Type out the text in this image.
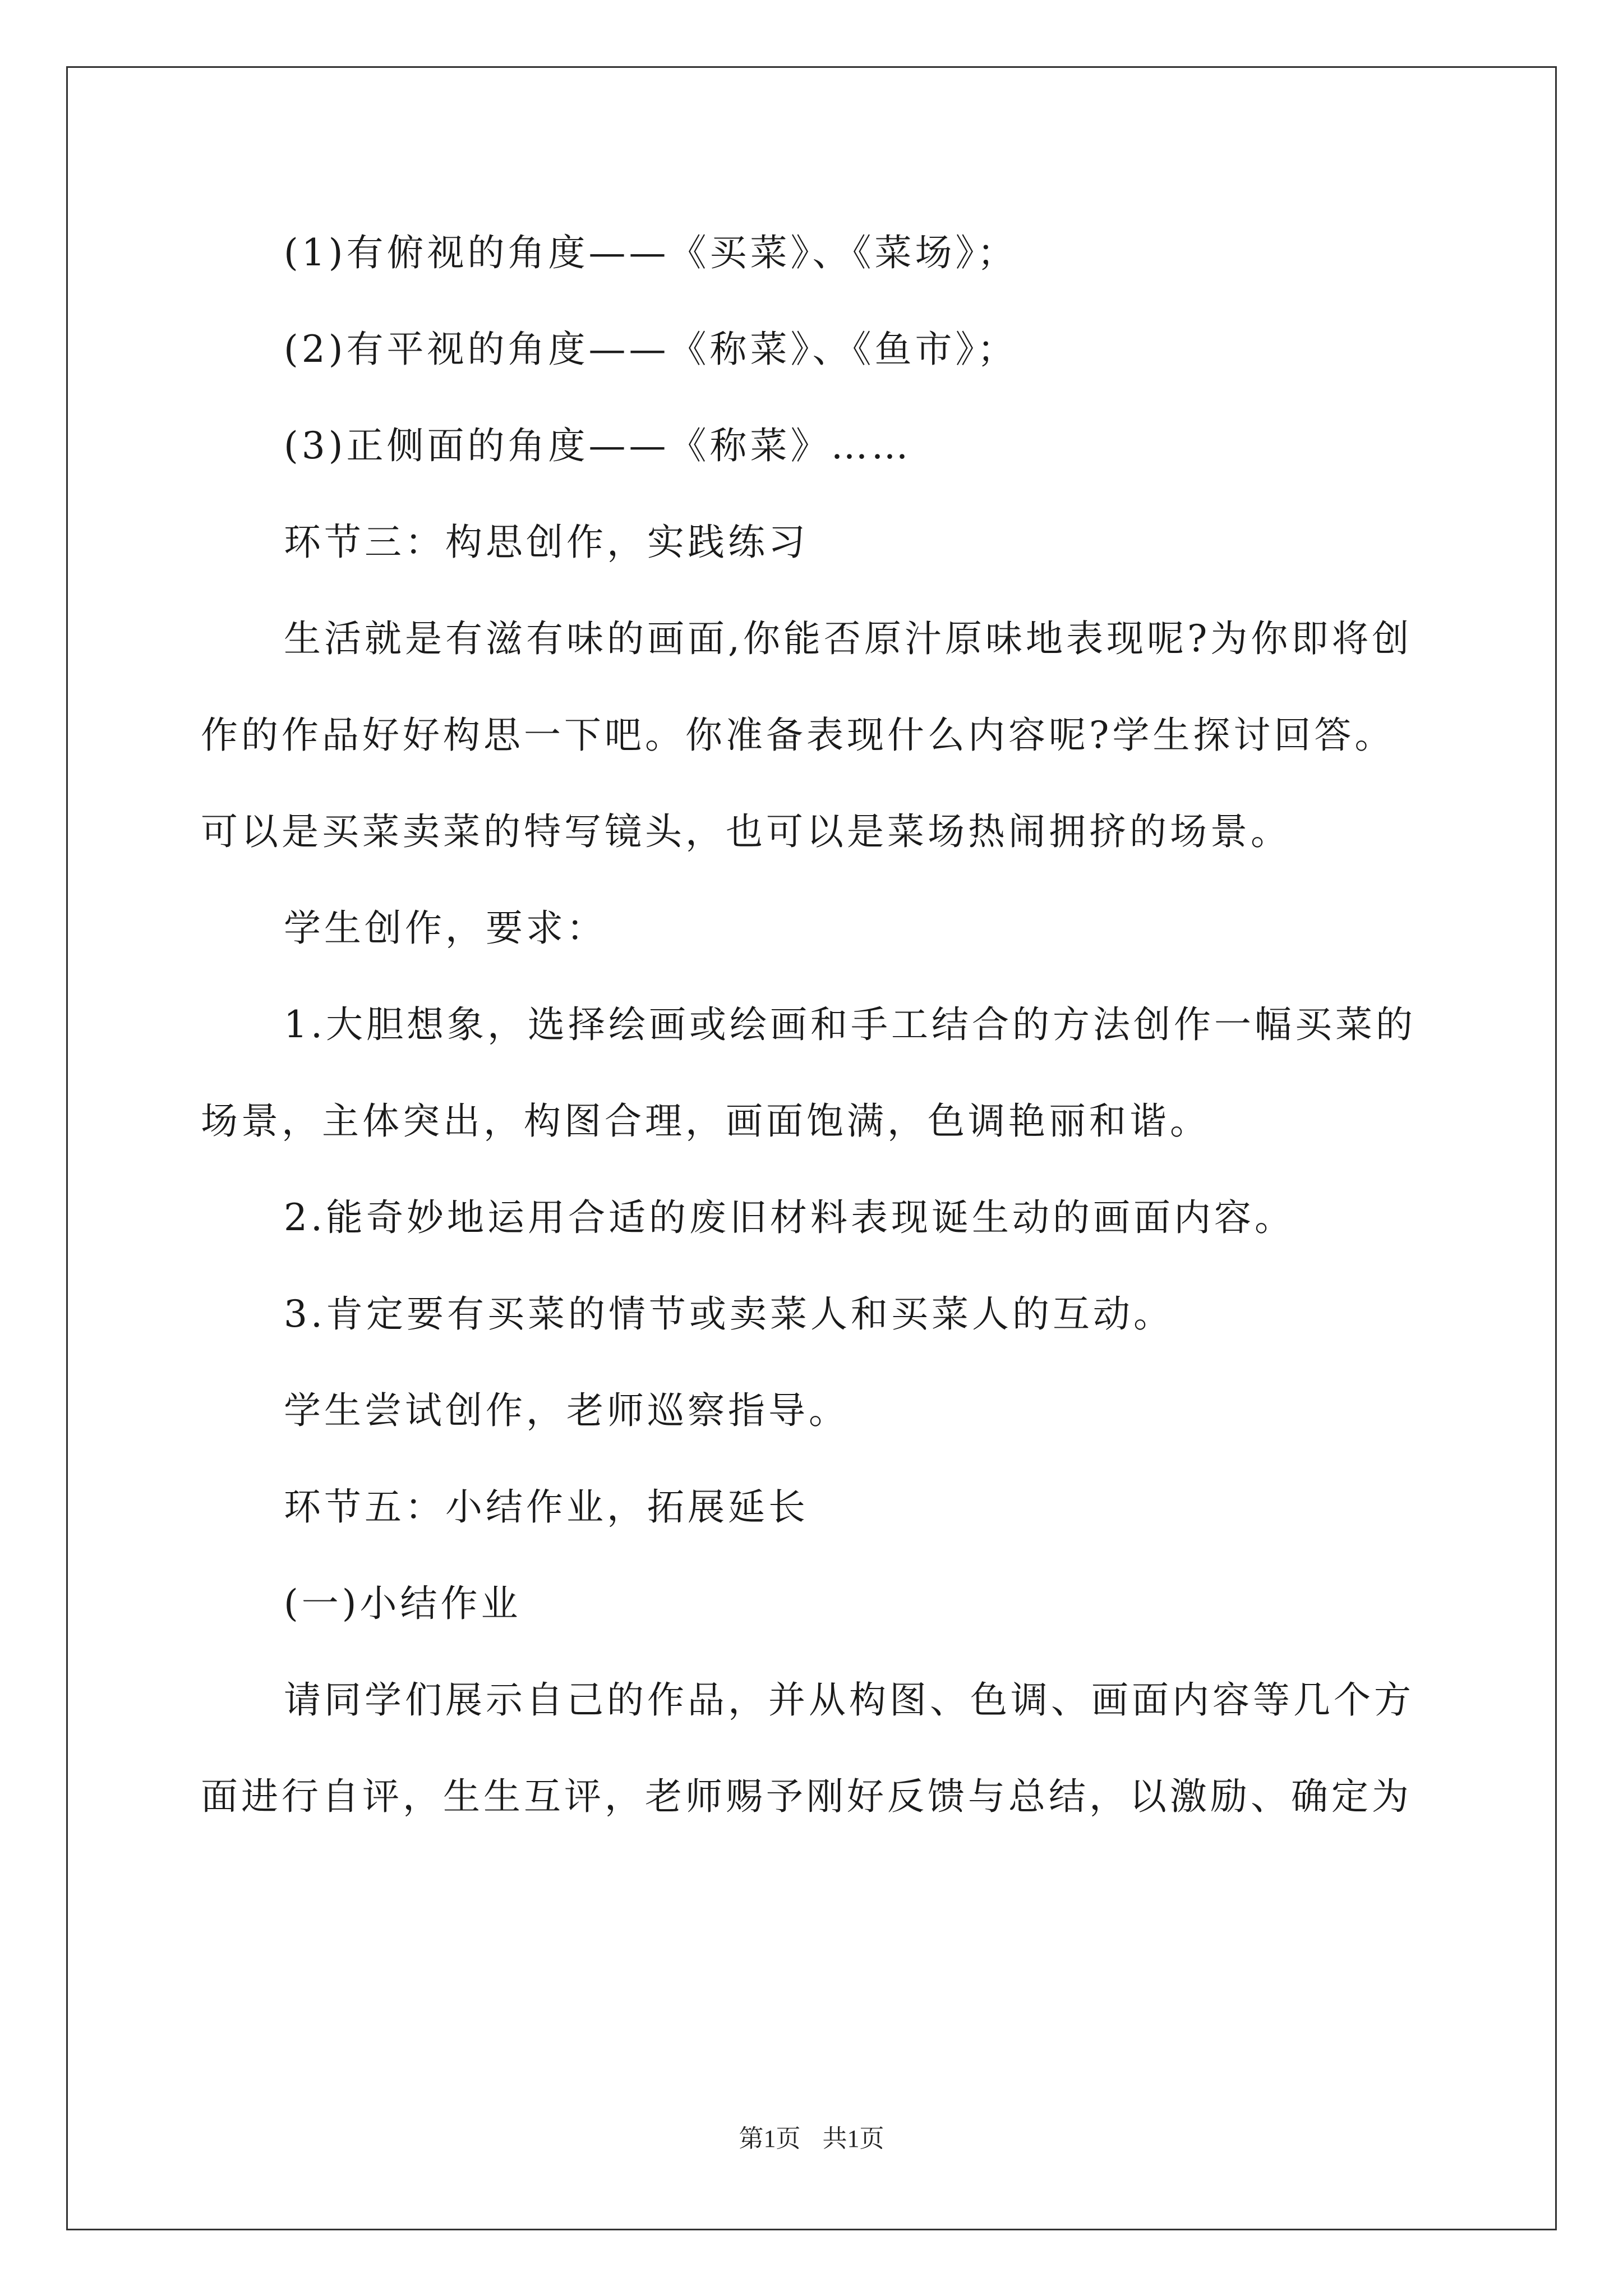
(1)有俯视的角度——《买菜》、《菜场》；

(2)有平视的角度——《称菜》、《鱼市》；

(3)正侧面的角度——《称菜》……

环节三：构思创作，实践练习

生活就是有滋有味的画面,你能否原汁原味地表现呢?为你即将创作的作品好好构思一下吧。你准备表现什么内容呢?学生探讨回答。可以是买菜卖菜的特写镜头，也可以是菜场热闹拥挤的场景。

学生创作，要求：

1.大胆想象，选择绘画或绘画和手工结合的方法创作一幅买菜的场景，主体突出，构图合理，画面饱满，色调艳丽和谐。

2.能奇妙地运用合适的废旧材料表现诞生动的画面内容。

3.肯定要有买菜的情节或卖菜人和买菜人的互动。

学生尝试创作，老师巡察指导。

环节五：小结作业，拓展延长

(一)小结作业

请同学们展示自己的作品，并从构图、色调、画面内容等几个方面进行自评，生生互评，老师赐予刚好反馈与总结，以激励、确定为

第1页 共1页
